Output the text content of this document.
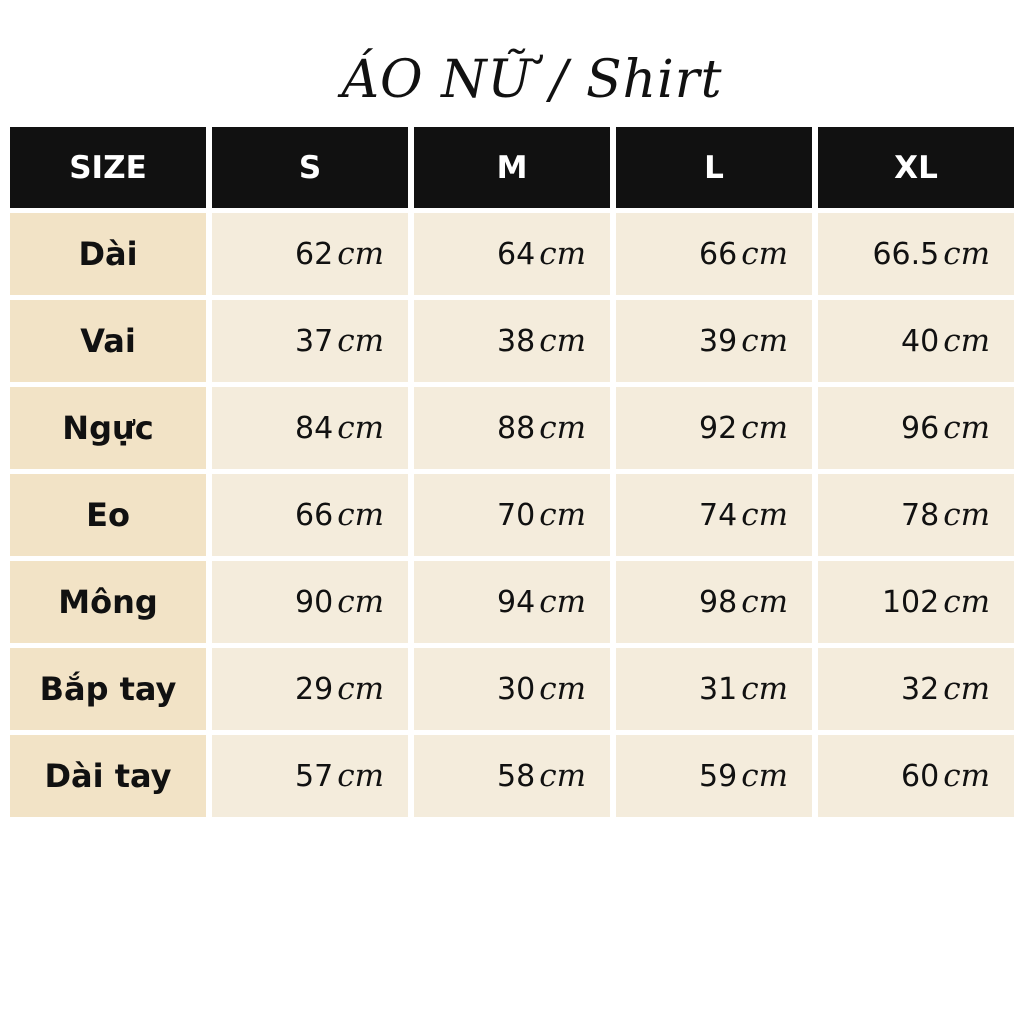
ÁO NỮ / Shirt
SIZE	S	M	L	XL
Dài	62 cm	64 cm	66 cm	66.5 cm
Vai	37 cm	38 cm	39 cm	40 cm
Ngực	84 cm	88 cm	92 cm	96 cm
Eo	66 cm	70 cm	74 cm	78 cm
Mông	90 cm	94 cm	98 cm	102 cm
Bắp tay	29 cm	30 cm	31 cm	32 cm
Dài tay	57 cm	58 cm	59 cm	60 cm
